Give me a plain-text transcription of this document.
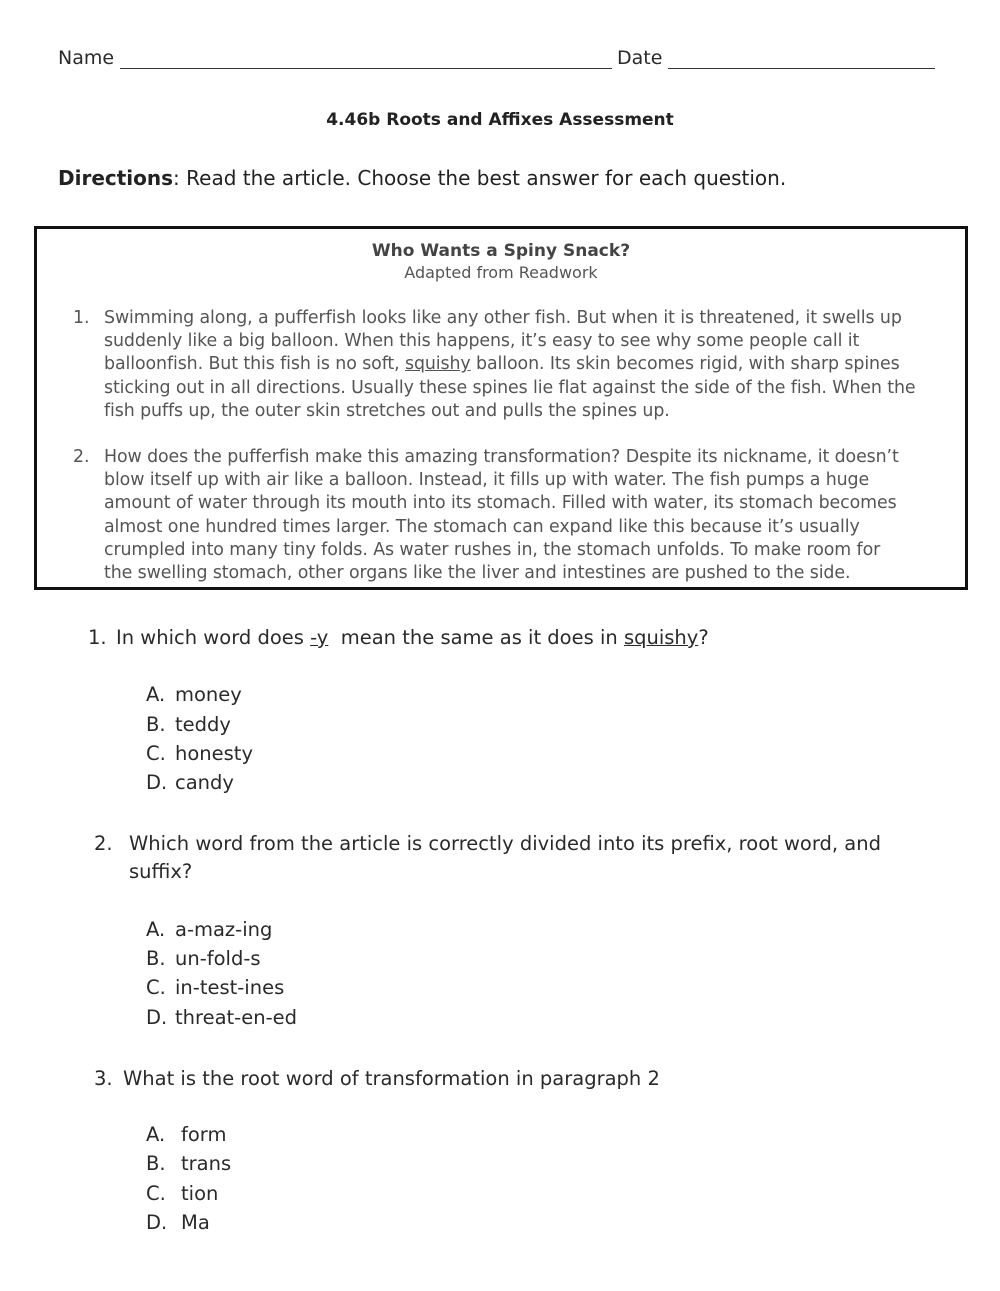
Name	Date
4.46b Roots and Affixes Assessment
Directions: Read the article. Choose the best answer for each question.
Who Wants a Spiny Snack?
Adapted from Readwork
1. Swimming along, a pufferfish looks like any other fish. But when it is threatened, it swells up
suddenly like a big balloon. When this happens, it’s easy to see why some people call it
balloonfish. But this fish is no soft, squishy balloon. Its skin becomes rigid, with sharp spines
sticking out in all directions. Usually these spines lie flat against the side of the fish. When the
fish puffs up, the outer skin stretches out and pulls the spines up.
2. How does the pufferfish make this amazing transformation? Despite its nickname, it doesn’t
blow itself up with air like a balloon. Instead, it fills up with water. The fish pumps a huge
amount of water through its mouth into its stomach. Filled with water, its stomach becomes
almost one hundred times larger. The stomach can expand like this because it’s usually
crumpled into many tiny folds. As water rushes in, the stomach unfolds. To make room for
the swelling stomach, other organs like the liver and intestines are pushed to the side.
1. In which word does -y  mean the same as it does in squishy?
A. money
B. teddy
C. honesty
D. candy
2. Which word from the article is correctly divided into its prefix, root word, and
suffix?
A. a-maz-ing
B. un-fold-s
C. in-test-ines
D. threat-en-ed
3. What is the root word of transformation in paragraph 2
A. form
B. trans
C. tion
D. Ma
